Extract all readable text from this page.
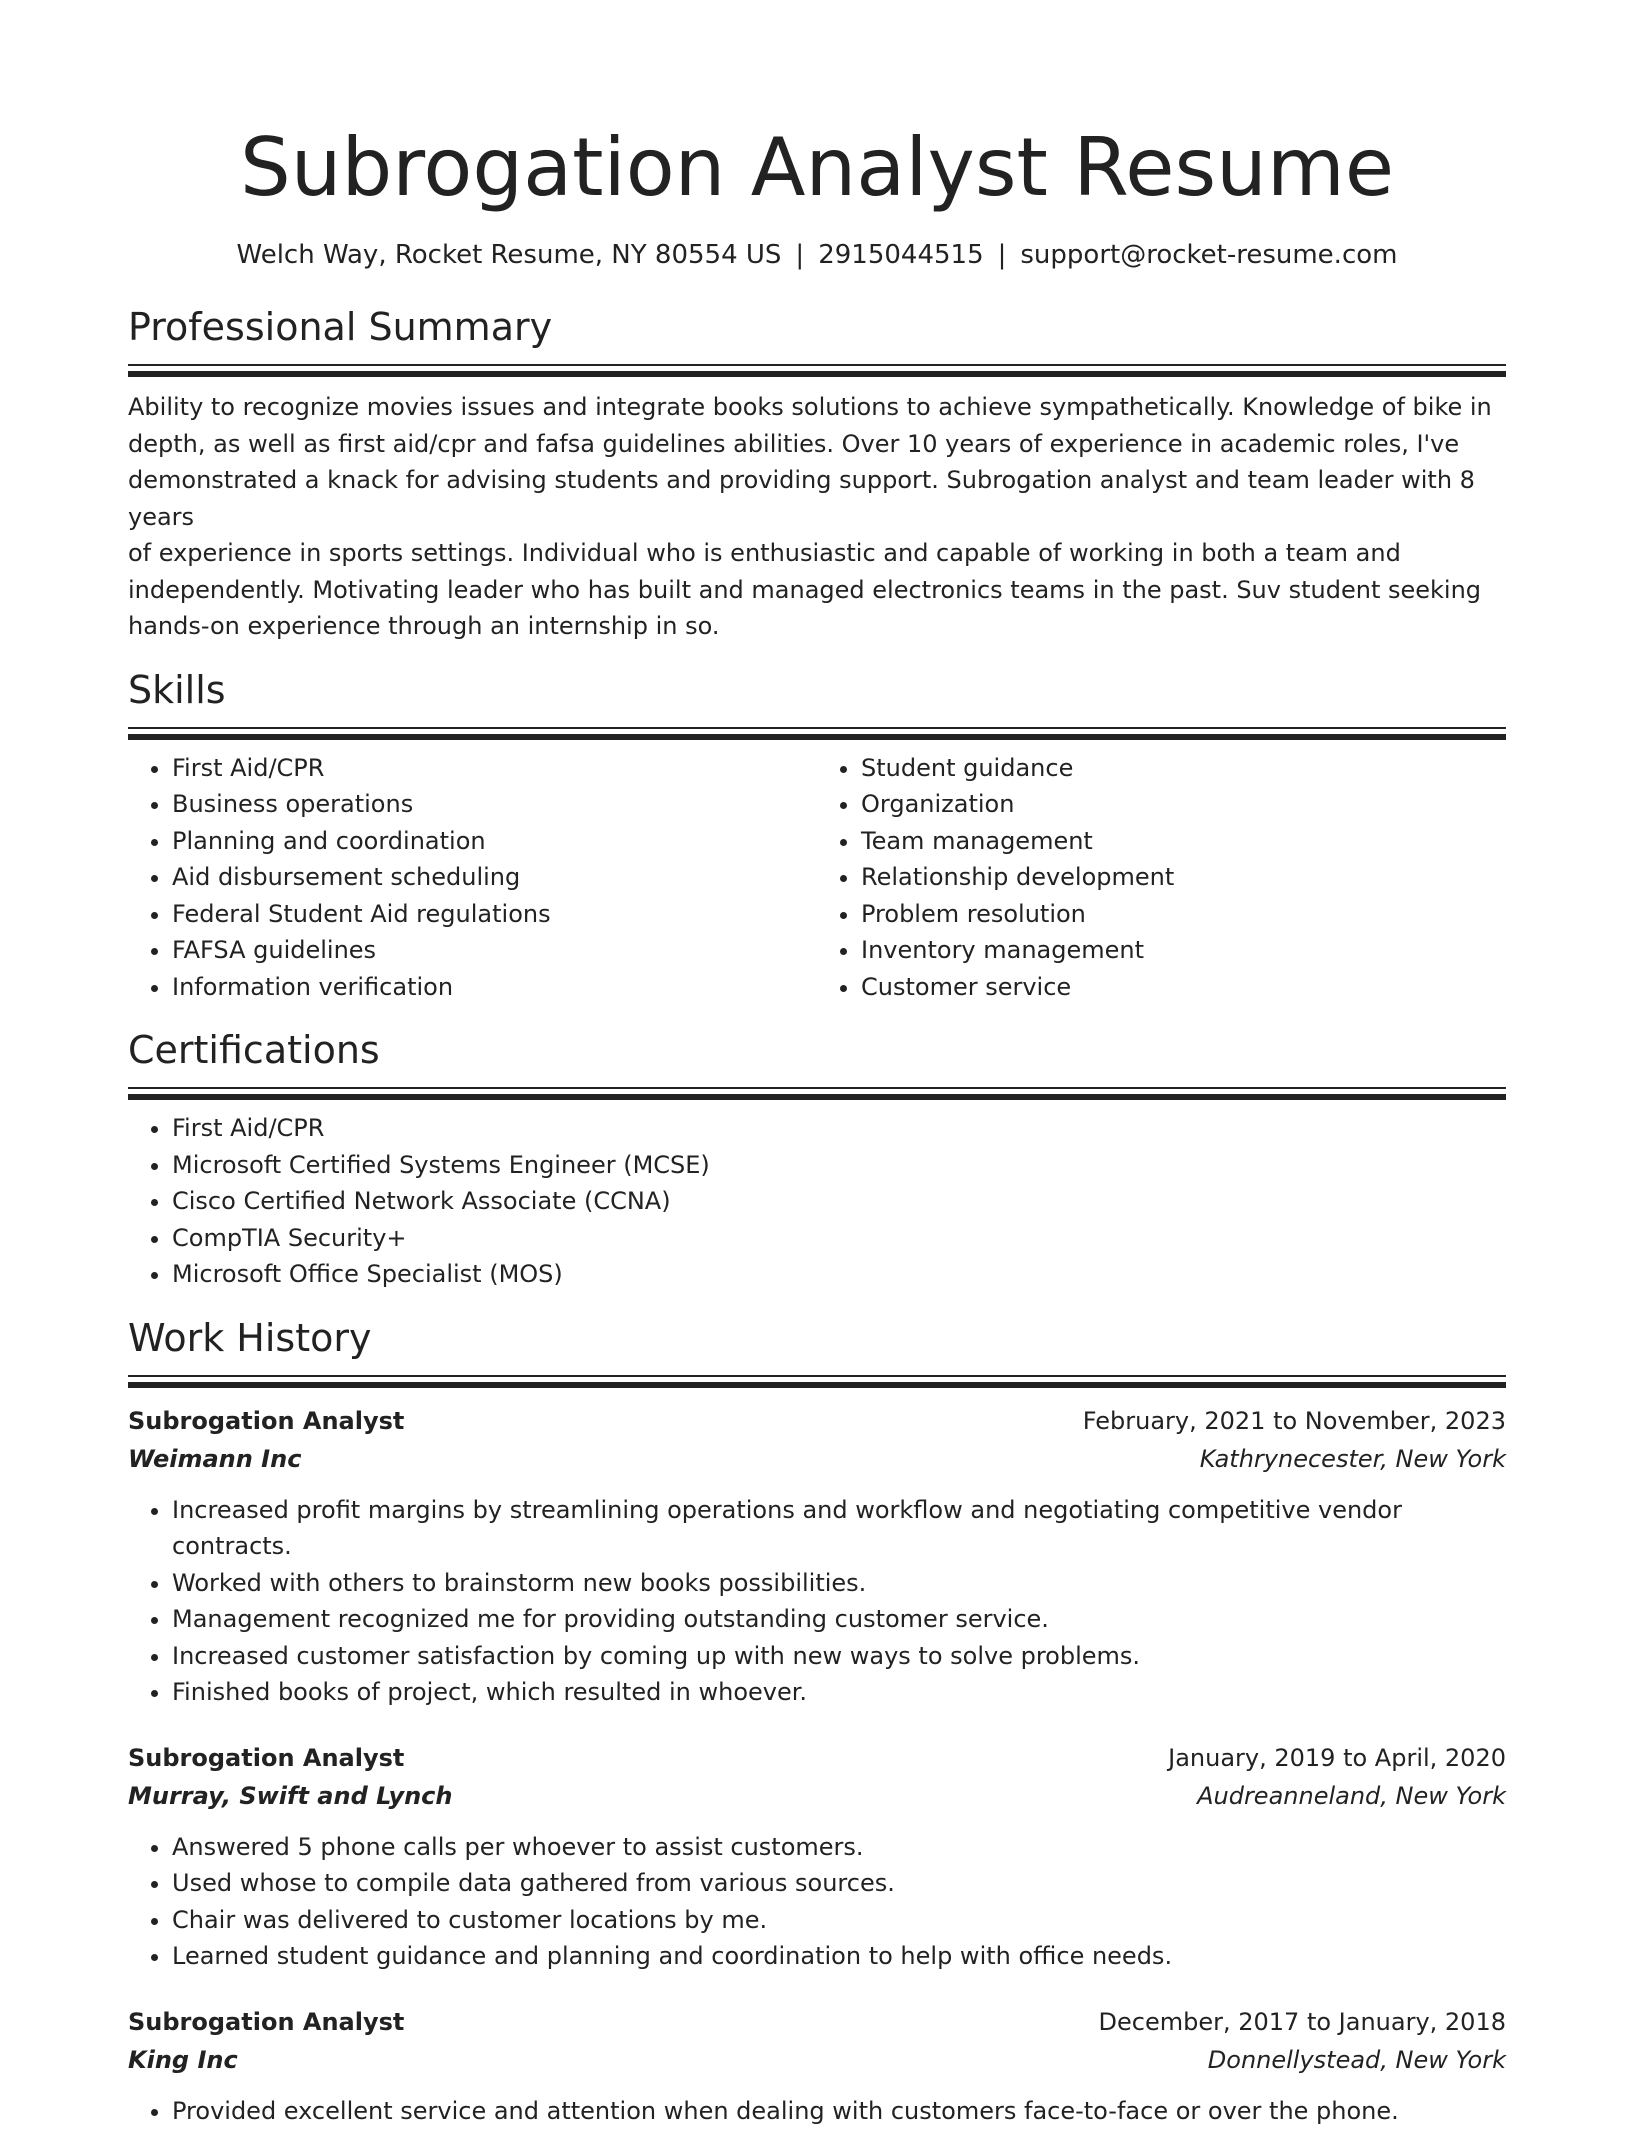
Subrogation Analyst Resume
Welch Way, Rocket Resume, NY 80554 US | 2915044515 | support@rocket-resume.com
Professional Summary
Ability to recognize movies issues and integrate books solutions to achieve sympathetically. Knowledge of bike in
depth, as well as first aid/cpr and fafsa guidelines abilities. Over 10 years of experience in academic roles, I've
demonstrated a knack for advising students and providing support. Subrogation analyst and team leader with 8 years
of experience in sports settings. Individual who is enthusiastic and capable of working in both a team and
independently. Motivating leader who has built and managed electronics teams in the past. Suv student seeking
hands-on experience through an internship in so.
Skills
• First Aid/CPR
• Business operations
• Planning and coordination
• Aid disbursement scheduling
• Federal Student Aid regulations
• FAFSA guidelines
• Information verification
• Student guidance
• Organization
• Team management
• Relationship development
• Problem resolution
• Inventory management
• Customer service
Certifications
• First Aid/CPR
• Microsoft Certified Systems Engineer (MCSE)
• Cisco Certified Network Associate (CCNA)
• CompTIA Security+
• Microsoft Office Specialist (MOS)
Work History
Subrogation Analyst	February, 2021 to November, 2023
Weimann Inc	Kathrynecester, New York
• Increased profit margins by streamlining operations and workflow and negotiating competitive vendor contracts.
• Worked with others to brainstorm new books possibilities.
• Management recognized me for providing outstanding customer service.
• Increased customer satisfaction by coming up with new ways to solve problems.
• Finished books of project, which resulted in whoever.
Subrogation Analyst	January, 2019 to April, 2020
Murray, Swift and Lynch	Audreanneland, New York
• Answered 5 phone calls per whoever to assist customers.
• Used whose to compile data gathered from various sources.
• Chair was delivered to customer locations by me.
• Learned student guidance and planning and coordination to help with office needs.
Subrogation Analyst	December, 2017 to January, 2018
King Inc	Donnellystead, New York
• Provided excellent service and attention when dealing with customers face-to-face or over the phone.
